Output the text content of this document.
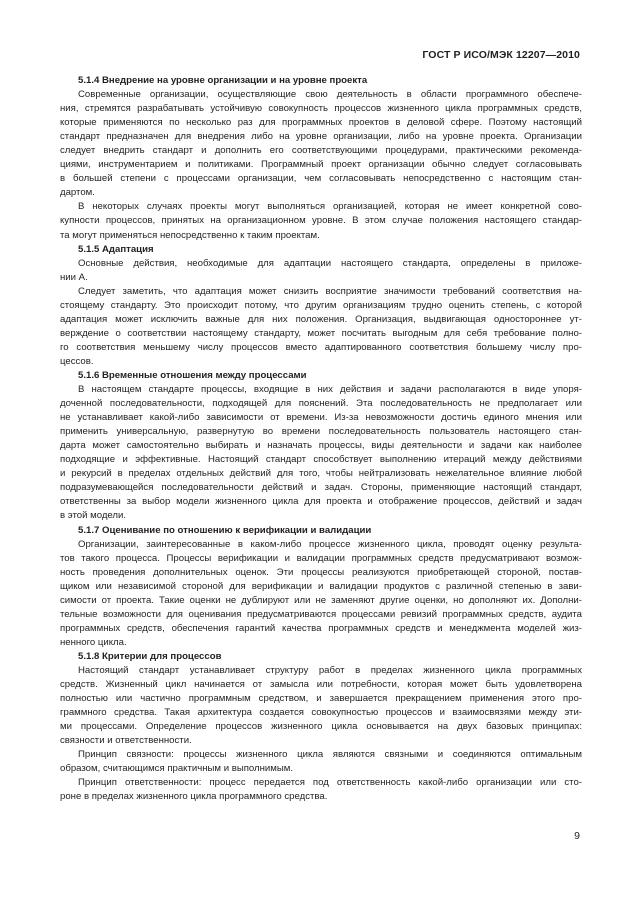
ГОСТ Р ИСО/МЭК 12207—2010
5.1.4 Внедрение на уровне организации и на уровне проекта
Современные организации, осуществляющие свою деятельность в области программного обеспече-
ния, стремятся разрабатывать устойчивую совокупность процессов жизненного цикла программных средств,
которые применяются по несколько раз для программных проектов в деловой сфере. Поэтому настоящий
стандарт предназначен для внедрения либо на уровне организации, либо на уровне проекта. Организации
следует внедрить стандарт и дополнить его соответствующими процедурами, практическими рекоменда-
циями, инструментарием и политиками. Программный проект организации обычно следует согласовывать
в большей степени с процессами организации, чем согласовывать непосредственно с настоящим стан-
дартом.
В некоторых случаях проекты могут выполняться организацией, которая не имеет конкретной сово-
купности процессов, принятых на организационном уровне. В этом случае положения настоящего стандар-
та могут применяться непосредственно к таким проектам.
5.1.5 Адаптация
Основные действия, необходимые для адаптации настоящего стандарта, определены в приложе-
нии А.
Следует заметить, что адаптация может снизить восприятие значимости требований соответствия на-
стоящему стандарту. Это происходит потому, что другим организациям трудно оценить степень, с которой
адаптация может исключить важные для них положения. Организация, выдвигающая одностороннее ут-
верждение о соответствии настоящему стандарту, может посчитать выгодным для себя требование полно-
го соответствия меньшему числу процессов вместо адаптированного соответствия большему числу про-
цессов.
5.1.6 Временные отношения между процессами
В настоящем стандарте процессы, входящие в них действия и задачи располагаются в виде упоря-
доченной последовательности, подходящей для пояснений. Эта последовательность не предполагает или
не устанавливает какой-либо зависимости от времени. Из-за невозможности достичь единого мнения или
применить универсальную, развернутую во времени последовательность пользователь настоящего стан-
дарта может самостоятельно выбирать и назначать процессы, виды деятельности и задачи как наиболее
подходящие и эффективные. Настоящий стандарт способствует выполнению итераций между действиями
и рекурсий в пределах отдельных действий для того, чтобы нейтрализовать нежелательное влияние любой
подразумевающейся последовательности действий и задач. Стороны, применяющие настоящий стандарт,
ответственны за выбор модели жизненного цикла для проекта и отображение процессов, действий и задач
в этой модели.
5.1.7 Оценивание по отношению к верификации и валидации
Организации, заинтересованные в каком-либо процессе жизненного цикла, проводят оценку результа-
тов такого процесса. Процессы верификации и валидации программных средств предусматривают возмож-
ность проведения дополнительных оценок. Эти процессы реализуются приобретающей стороной, постав-
щиком или независимой стороной для верификации и валидации продуктов с различной степенью в зави-
симости от проекта. Такие оценки не дублируют или не заменяют другие оценки, но дополняют их. Дополни-
тельные возможности для оценивания предусматриваются процессами ревизий программных средств, аудита
программных средств, обеспечения гарантий качества программных средств и менеджмента моделей жиз-
ненного цикла.
5.1.8 Критерии для процессов
Настоящий стандарт устанавливает структуру работ в пределах жизненного цикла программных
средств. Жизненный цикл начинается от замысла или потребности, которая может быть удовлетворена
полностью или частично программным средством, и завершается прекращением применения этого про-
граммного средства. Такая архитектура создается совокупностью процессов и взаимосвязями между эти-
ми процессами. Определение процессов жизненного цикла основывается на двух базовых принципах:
связности и ответственности.
Принцип связности: процессы жизненного цикла являются связными и соединяются оптимальным
образом, считающимся практичным и выполнимым.
Принцип ответственности: процесс передается под ответственность какой-либо организации или сто-
роне в пределах жизненного цикла программного средства.
9
